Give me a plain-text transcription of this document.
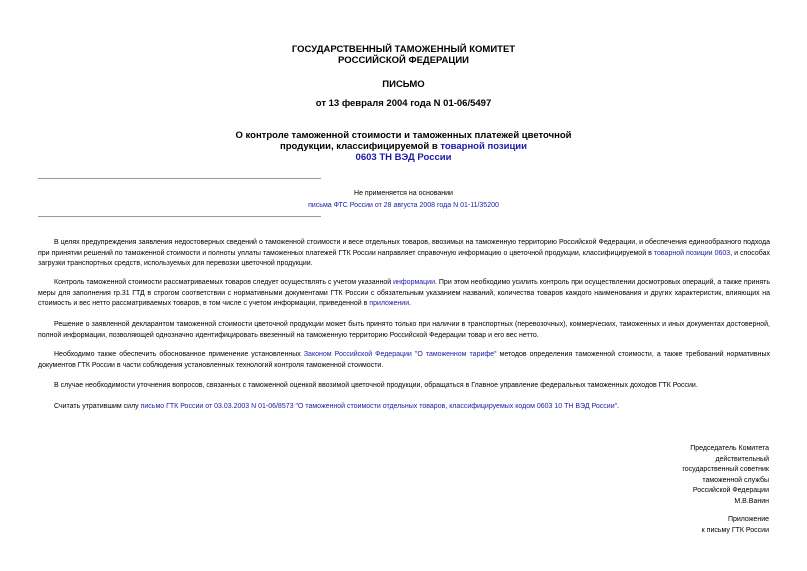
ГОСУДАРСТВЕННЫЙ ТАМОЖЕННЫЙ КОМИТЕТ
РОССИЙСКОЙ ФЕДЕРАЦИИ
ПИСЬМО
от 13 февраля 2004 года N 01-06/5497
О контроле таможенной стоимости и таможенных платежей цветочной
продукции, классифицируемой в товарной позиции
0603 ТН ВЭД России
Не применяется на основании
письма ФТС России от 28 августа 2008 года N 01-11/35200
В целях предупреждения заявления недостоверных сведений о таможенной стоимости и весе отдельных товаров, ввозимых на таможенную территорию Российской Федерации, и обеспечения единообразного подхода при принятии решений по таможенной стоимости и полноты уплаты таможенных платежей ГТК России направляет справочную информацию о цветочной продукции, классифицируемой в товарной позиции 0603, и способах загрузки транспортных средств, используемых для перевозки цветочной продукции.
Контроль таможенной стоимости рассматриваемых товаров следует осуществлять с учетом указанной информации. При этом необходимо усилить контроль при осуществлении досмотровых операций, а также принять меры для заполнения гр.31 ГТД в строгом соответствии с нормативными документами ГТК России с обязательным указанием названий, количества товаров каждого наименования и других характеристик, влияющих на стоимость и вес нетто рассматриваемых товаров, в том числе с учетом информации, приведенной в приложении.
Решение о заявленной декларантом таможенной стоимости цветочной продукции может быть принято только при наличии в транспортных (перевозочных), коммерческих, таможенных и иных документах достоверной, полной информации, позволяющей однозначно идентифицировать ввезенный на таможенную территорию Российской Федерации товар и его вес нетто.
Необходимо также обеспечить обоснованное применение установленных Законом Российской Федерации "О таможенном тарифе" методов определения таможенной стоимости, а также требований нормативных документов ГТК России в части соблюдения установленных технологий контроля таможенной стоимости.
В случае необходимости уточнения вопросов, связанных с таможенной оценкой ввозимой цветочной продукции, обращаться в Главное управление федеральных таможенных доходов ГТК России.
Считать утратившим силу письмо ГТК России от 03.03.2003 N 01-06/8573 "О таможенной стоимости отдельных товаров, классифицируемых кодом 0603 10 ТН ВЭД России".
Председатель Комитета
действительный
государственный советник
таможенной службы
Российской Федерации
М.В.Ванин
Приложение
к письму ГТК России
